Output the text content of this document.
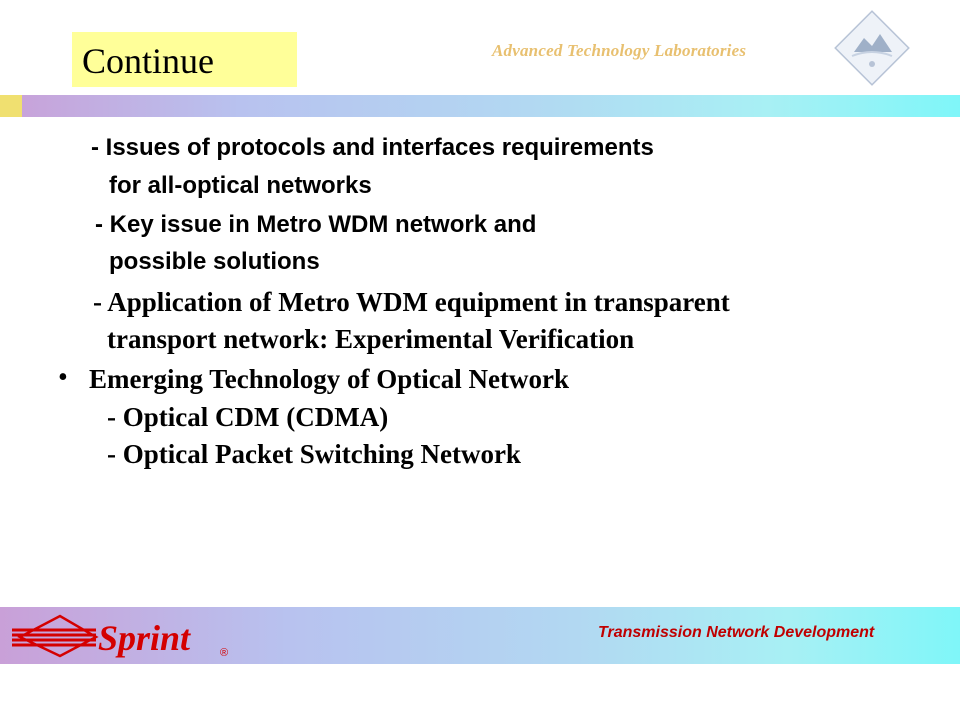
Continue	Advanced Technology Laboratories
- Issues of protocols and interfaces requirements
for all-optical networks
- Key issue in Metro WDM network and
possible solutions
- Application of Metro WDM equipment in transparent
transport network: Experimental Verification
• Emerging Technology of Optical Network
- Optical CDM (CDMA)
- Optical Packet Switching Network
Sprint	®
Transmission Network Development
